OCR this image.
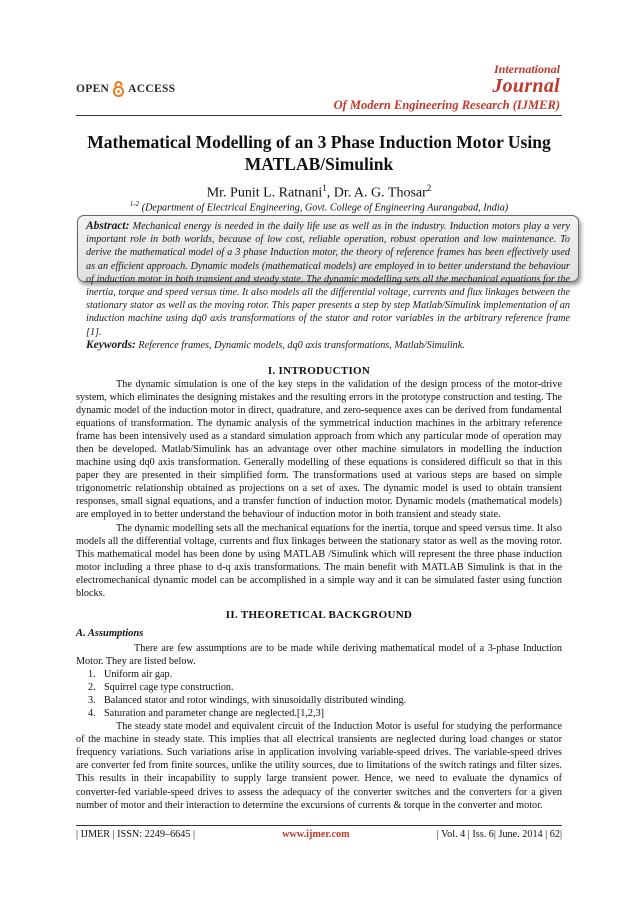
OPEN ACCESS
International
Journal
Of Modern Engineering Research (IJMER)
Mathematical Modelling of an 3 Phase Induction Motor Using MATLAB/Simulink
Mr. Punit L. Ratnani$^1$, Dr. A. G. Thosar$^2$
$^{1-2}$ (Department of Electrical Engineering, Govt. College of Engineering Aurangabad, India)
Abstract: Mechanical energy is needed in the daily life use as well as in the industry. Induction motors play a very important role in both worlds, because of low cost, reliable operation, robust operation and low maintenance. To derive the mathematical model of a 3 phase Induction motor, the theory of reference frames has been effectively used as an efficient approach. Dynamic models (mathematical models) are employed in to better understand the behaviour of induction motor in both transient and steady state. The dynamic modelling sets all the mechanical equations for the inertia, torque and speed versus time. It also models all the differential voltage, currents and flux linkages between the stationary stator as well as the moving rotor. This paper presents a step by step Matlab/Simulink implementation of an induction machine using dq0 axis transformations of the stator and rotor variables in the arbitrary reference frame [1].
Keywords: Reference frames, Dynamic models, dq0 axis transformations, Matlab/Simulink.
I. INTRODUCTION

The dynamic simulation is one of the key steps in the validation of the design process of the motor-drive system, which eliminates the designing mistakes and the resulting errors in the prototype construction and testing. The dynamic model of the induction motor in direct, quadrature, and zero-sequence axes can be derived from fundamental equations of transformation. The dynamic analysis of the symmetrical induction machines in the arbitrary reference frame has been intensively used as a standard simulation approach from which any particular mode of operation may then be developed. Matlab/Simulink has an advantage over other machine simulators in modelling the induction machine using dq0 axis transformation. Generally modelling of these equations is considered difficult so that in this paper they are presented in their simplified form. The transformations used at various steps are based on simple trigonometric relationship obtained as projections on a set of axes. The dynamic model is used to obtain transient responses, small signal equations, and a transfer function of induction motor. Dynamic models (mathematical models) are employed in to better understand the behaviour of induction motor in both transient and steady state.

The dynamic modelling sets all the mechanical equations for the inertia, torque and speed versus time. It also models all the differential voltage, currents and flux linkages between the stationary stator as well as the moving rotor. This mathematical model has been done by using MATLAB /Simulink which will represent the three phase induction motor including a three phase to d-q axis transformations. The main benefit with MATLAB Simulink is that in the electromechanical dynamic model can be accomplished in a simple way and it can be simulated faster using function blocks.

II. THEORETICAL BACKGROUND
A. Assumptions

There are few assumptions are to be made while deriving mathematical model of a 3-phase Induction Motor. They are listed below.

1. Uniform air gap.
2. Squirrel cage type construction.
3. Balanced stator and rotor windings, with sinusoidally distributed winding.
4. Saturation and parameter change are neglected.[1,2,3]

The steady state model and equivalent circuit of the Induction Motor is useful for studying the performance of the machine in steady state. This implies that all electrical transients are neglected during load changes or stator frequency variations. Such variations arise in application involving variable-speed drives. The variable-speed drives are converter fed from finite sources, unlike the utility sources, due to limitations of the switch ratings and filter sizes. This results in their incapability to supply large transient power. Hence, we need to evaluate the dynamics of converter-fed variable-speed drives to assess the adequacy of the converter switches and the converters for a given number of motor and their interaction to determine the excursions of currents & torque in the converter and motor.

| IJMER | ISSN: 2249–6645 |	www.ijmer.com	| Vol. 4 | Iss. 6| June. 2014 | 62|
